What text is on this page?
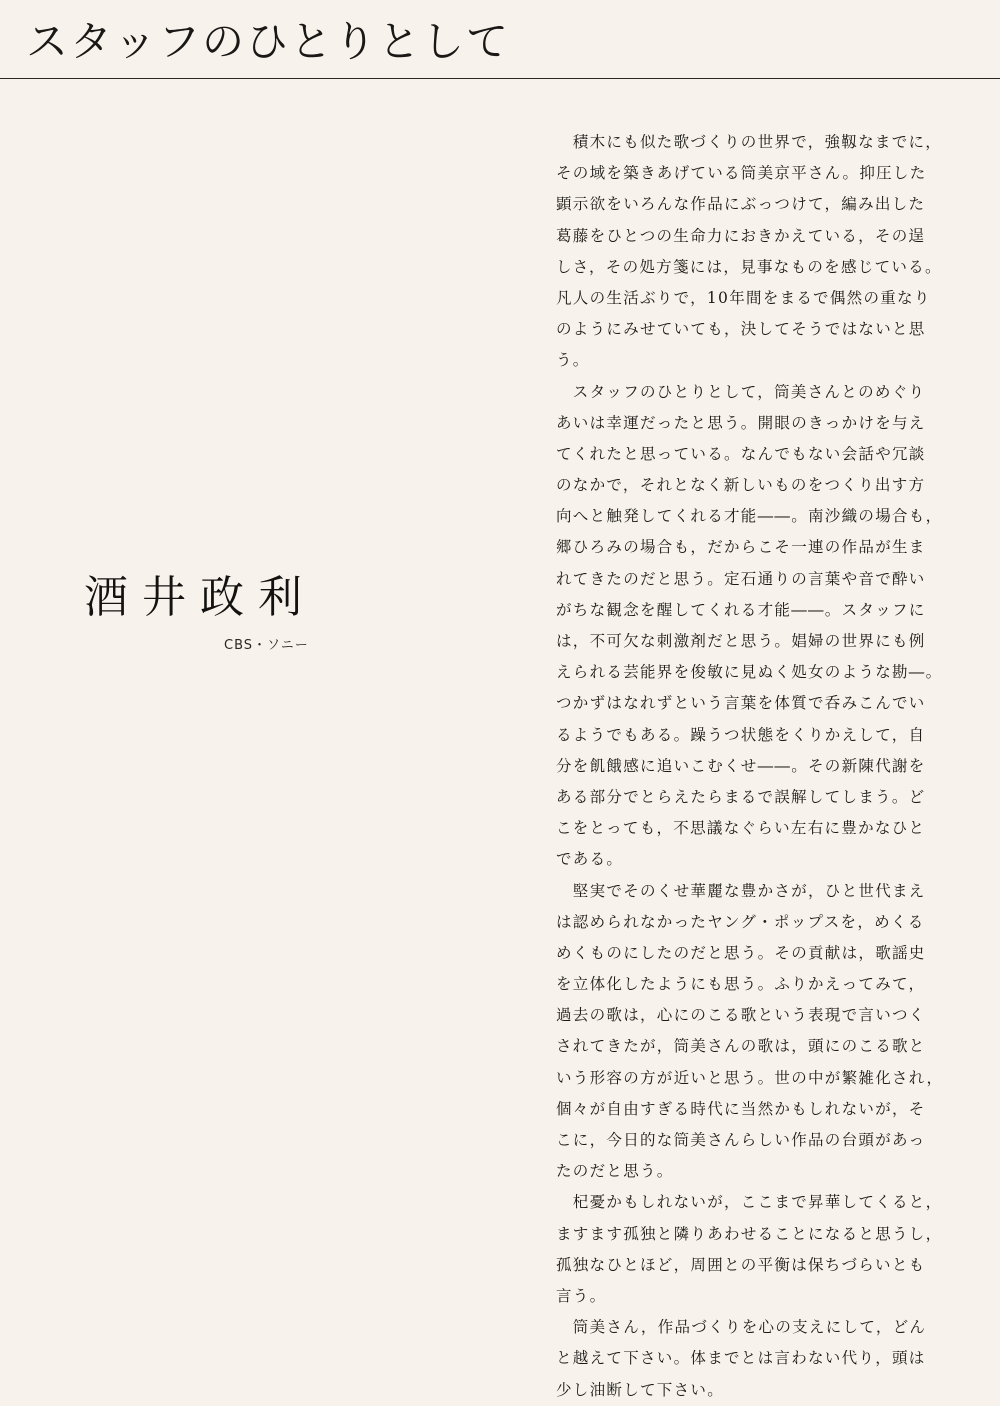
スタッフのひとりとして
酒井政利
CBS・ソニー
　積木にも似た歌づくりの世界で，強靱なまでに，
その域を築きあげている筒美京平さん。抑圧した
顕示欲をいろんな作品にぶっつけて，編み出した
葛藤をひとつの生命力におきかえている，その逞
しさ，その処方箋には，見事なものを感じている。
凡人の生活ぶりで，10年間をまるで偶然の重なり
のようにみせていても，決してそうではないと思
う。
　スタッフのひとりとして，筒美さんとのめぐり
あいは幸運だったと思う。開眼のきっかけを与え
てくれたと思っている。なんでもない会話や冗談
のなかで，それとなく新しいものをつくり出す方
向へと触発してくれる才能――。南沙織の場合も，
郷ひろみの場合も，だからこそ一連の作品が生ま
れてきたのだと思う。定石通りの言葉や音で酔い
がちな観念を醒してくれる才能――。スタッフに
は，不可欠な刺激剤だと思う。娼婦の世界にも例
えられる芸能界を俊敏に見ぬく処女のような勘―。
つかずはなれずという言葉を体質で呑みこんでい
るようでもある。躁うつ状態をくりかえして，自
分を飢餓感に追いこむくせ――。その新陳代謝を
ある部分でとらえたらまるで誤解してしまう。ど
こをとっても，不思議なぐらい左右に豊かなひと
である。
　堅実でそのくせ華麗な豊かさが，ひと世代まえ
は認められなかったヤング・ポップスを，めくる
めくものにしたのだと思う。その貢献は，歌謡史
を立体化したようにも思う。ふりかえってみて，
過去の歌は，心にのこる歌という表現で言いつく
されてきたが，筒美さんの歌は，頭にのこる歌と
いう形容の方が近いと思う。世の中が繁雑化され，
個々が自由すぎる時代に当然かもしれないが，そ
こに，今日的な筒美さんらしい作品の台頭があっ
たのだと思う。
　杞憂かもしれないが，ここまで昇華してくると，
ますます孤独と隣りあわせることになると思うし，
孤独なひとほど，周囲との平衡は保ちづらいとも
言う。
　筒美さん，作品づくりを心の支えにして，どん
と越えて下さい。体までとは言わない代り，頭は
少し油断して下さい。
